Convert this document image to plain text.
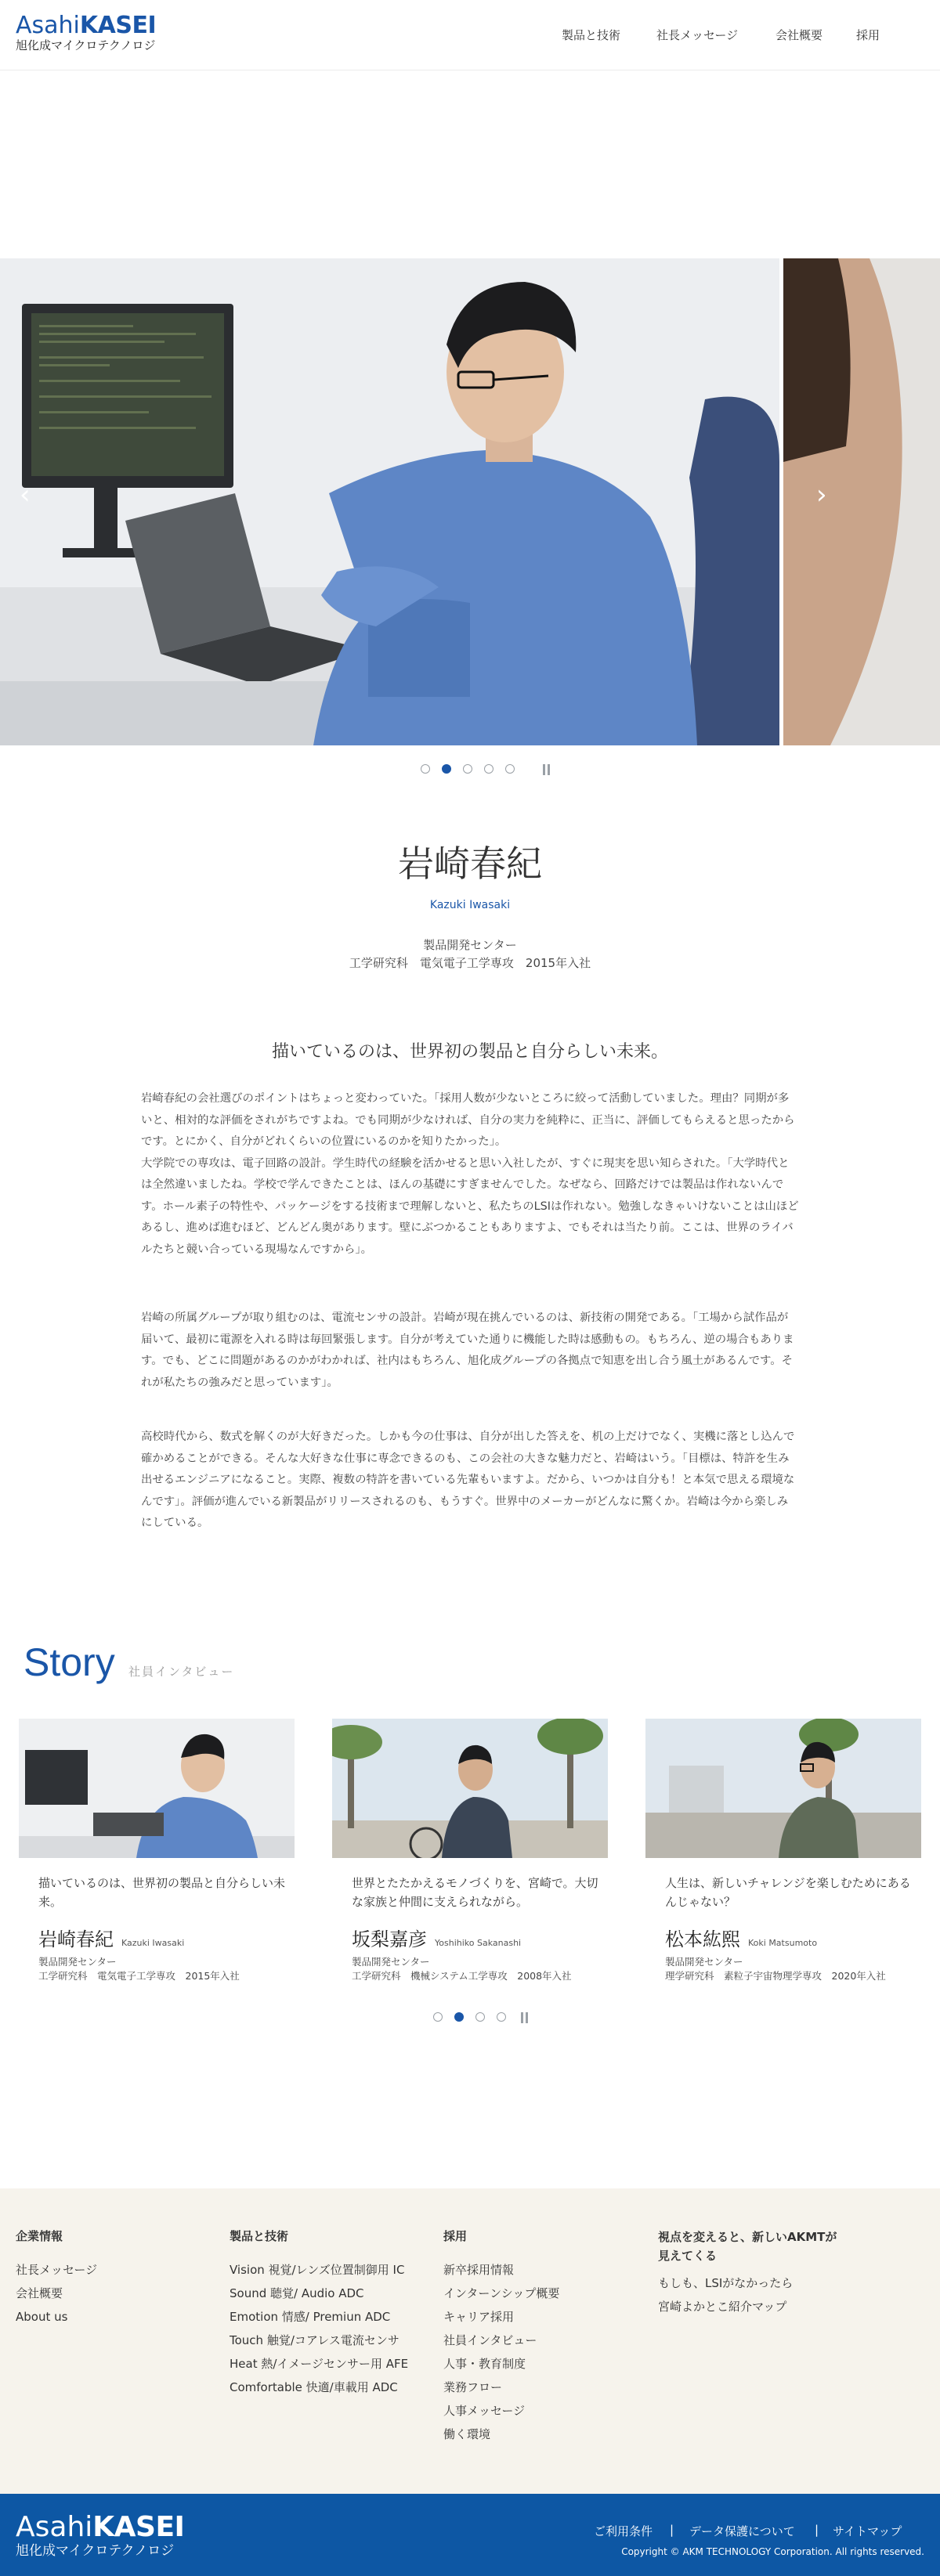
AsahiKASEI
旭化成マイクロテクノロジ
製品と技術	社長メッセージ	会社概要	採用
‹	›
岩崎春紀
Kazuki Iwasaki
製品開発センター
工学研究科　電気電子工学専攻　2015年入社
描いているのは、世界初の製品と自分らしい未来。

岩崎春紀の会社選びのポイントはちょっと変わっていた。「採用人数が少ないところに絞って活動していました。理由？同期が多いと、相対的な評価をされがちですよね。でも同期が少なければ、自分の実力を純粋に、正当に、評価してもらえると思ったからです。とにかく、自分がどれくらいの位置にいるのかを知りたかった」。

大学院での専攻は、電子回路の設計。学生時代の経験を活かせると思い入社したが、すぐに現実を思い知らされた。「大学時代とは全然違いましたね。学校で学んできたことは、ほんの基礎にすぎませんでした。なぜなら、回路だけでは製品は作れないんです。ホール素子の特性や、パッケージをする技術まで理解しないと、私たちのLSIは作れない。勉強しなきゃいけないことは山ほどあるし、進めば進むほど、どんどん奥があります。壁にぶつかることもありますよ、でもそれは当たり前。ここは、世界のライバルたちと競い合っている現場なんですから」。

岩崎の所属グループが取り組むのは、電流センサの設計。岩崎が現在挑んでいるのは、新技術の開発である。「工場から試作品が届いて、最初に電源を入れる時は毎回緊張します。自分が考えていた通りに機能した時は感動もの。もちろん、逆の場合もあります。でも、どこに問題があるのかがわかれば、社内はもちろん、旭化成グループの各拠点で知恵を出し合う風土があるんです。それが私たちの強みだと思っています」。

高校時代から、数式を解くのが大好きだった。しかも今の仕事は、自分が出した答えを、机の上だけでなく、実機に落とし込んで確かめることができる。そんな大好きな仕事に専念できるのも、この会社の大きな魅力だと、岩崎はいう。「目標は、特許を生み出せるエンジニアになること。実際、複数の特許を書いている先輩もいますよ。だから、いつかは自分も！と本気で思える環境なんです」。評価が進んでいる新製品がリリースされるのも、もうすぐ。世界中のメーカーがどんなに驚くか。岩崎は今から楽しみにしている。

Story 社員インタビュー
描いているのは、世界初の製品と自分らしい未来。
岩崎春紀 Kazuki Iwasaki
製品開発センター
工学研究科　電気電子工学専攻　2015年入社
世界とたたかえるモノづくりを、宮崎で。大切な家族と仲間に支えられながら。
坂梨嘉彦 Yoshihiko Sakanashi
製品開発センター
工学研究科　機械システム工学専攻　2008年入社
人生は、新しいチャレンジを楽しむためにあるんじゃない？
松本紘熙 Koki Matsumoto
製品開発センター
理学研究科　素粒子宇宙物理学専攻　2020年入社
企業情報
社長メッセージ
会社概要
About us
製品と技術
Vision 視覚/レンズ位置制御用 IC
Sound 聴覚/ Audio ADC
Emotion 情感/ Premiun ADC
Touch 触覚/コアレス電流センサ
Heat 熱/イメージセンサー用 AFE
Comfortable 快適/車載用 ADC
採用
新卒採用情報
インターンシップ概要
キャリア採用
社員インタビュー
人事・教育制度
業務フロー
人事メッセージ
働く環境
視点を変えると、新しいAKMTが
見えてくる
もしも、LSIがなかったら
宮崎よかとこ紹介マップ
AsahiKASEI
旭化成マイクロテクノロジ
ご利用条件 | データ保護について | サイトマップ
Copyright © AKM TECHNOLOGY Corporation. All rights reserved.
